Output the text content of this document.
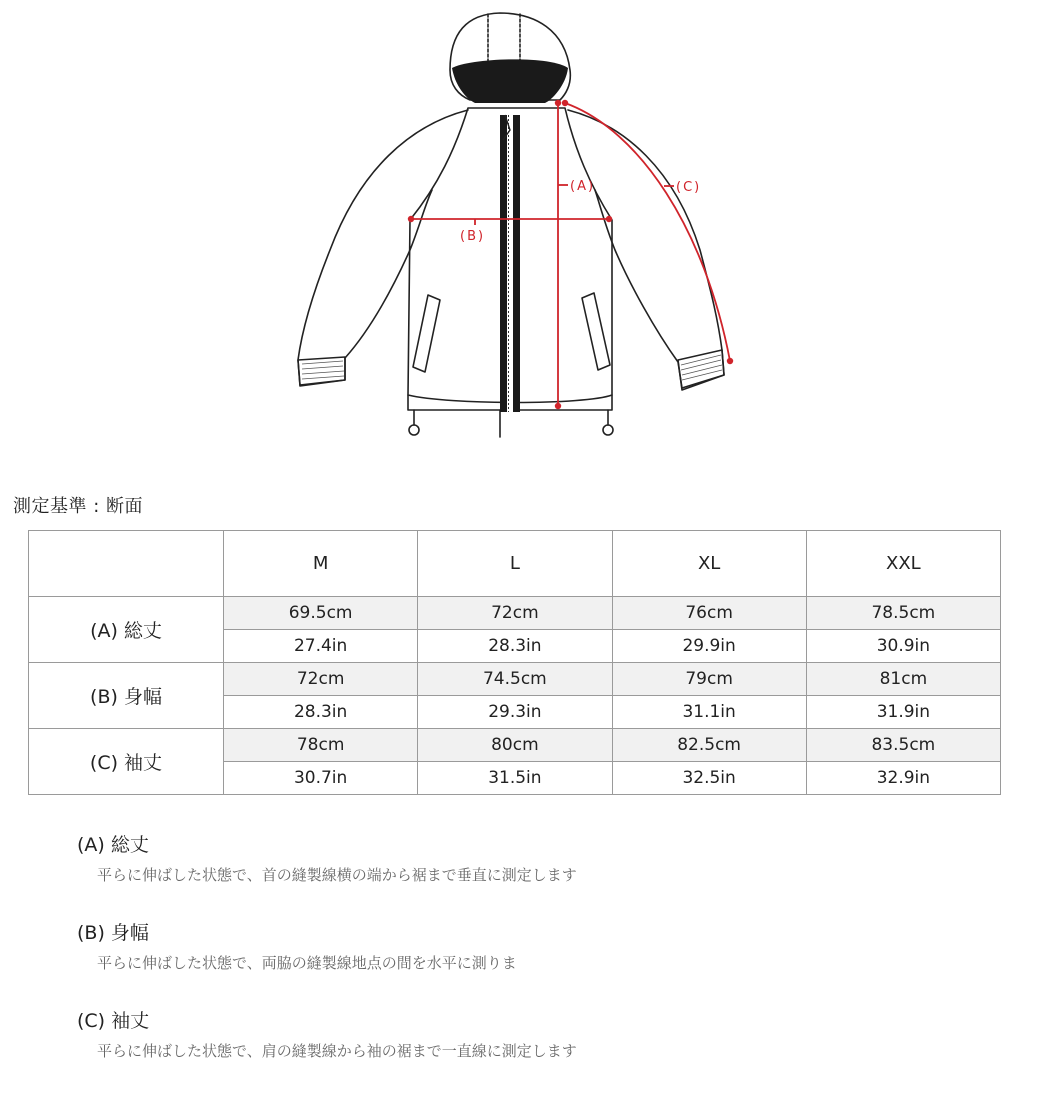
(A)
(B)
(C)
測定基準 : 断面
	M	L	XL	XXL
(A) 総丈	69.5cm	72cm	76cm	78.5cm
	27.4in	28.3in	29.9in	30.9in
(B) 身幅	72cm	74.5cm	79cm	81cm
	28.3in	29.3in	31.1in	31.9in
(C) 袖丈	78cm	80cm	82.5cm	83.5cm
	30.7in	31.5in	32.5in	32.9in
(A) 総丈
平らに伸ばした状態で、首の縫製線横の端から裾まで垂直に測定します
(B) 身幅
平らに伸ばした状態で、両脇の縫製線地点の間を水平に測りま
(C) 袖丈
平らに伸ばした状態で、肩の縫製線から袖の裾まで一直線に測定します
